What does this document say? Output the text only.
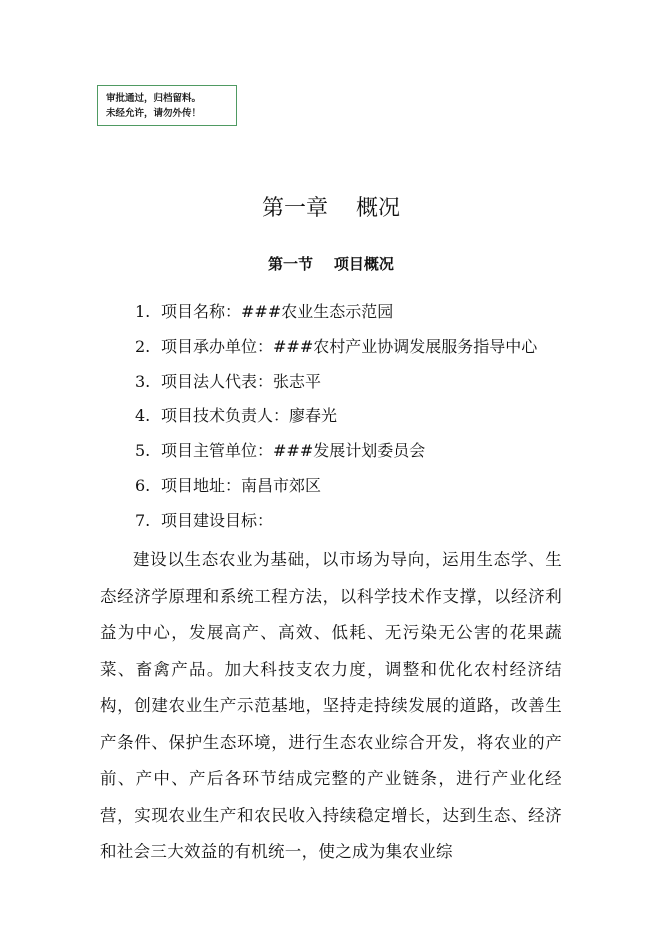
审批通过，归档留料。
未经允许，请勿外传！
第一章    概况
第一节    项目概况
1. 项目名称：###农业生态示范园
2. 项目承办单位：###农村产业协调发展服务指导中心
3. 项目法人代表：张志平
4. 项目技术负责人：廖春光
5. 项目主管单位：###发展计划委员会
6. 项目地址：南昌市郊区
7. 项目建设目标：
建设以生态农业为基础，以市场为导向，运用生态学、生态经济学原理和系统工程方法，以科学技术作支撑，以经济利益为中心，发展高产、高效、低耗、无污染无公害的花果蔬菜、畜禽产品。加大科技支农力度，调整和优化农村经济结构，创建农业生产示范基地，坚持走持续发展的道路，改善生产条件、保护生态环境，进行生态农业综合开发，将农业的产前、产中、产后各环节结成完整的产业链条，进行产业化经营，实现农业生产和农民收入持续稳定增长，达到生态、经济和社会三大效益的有机统一，使之成为集农业综
